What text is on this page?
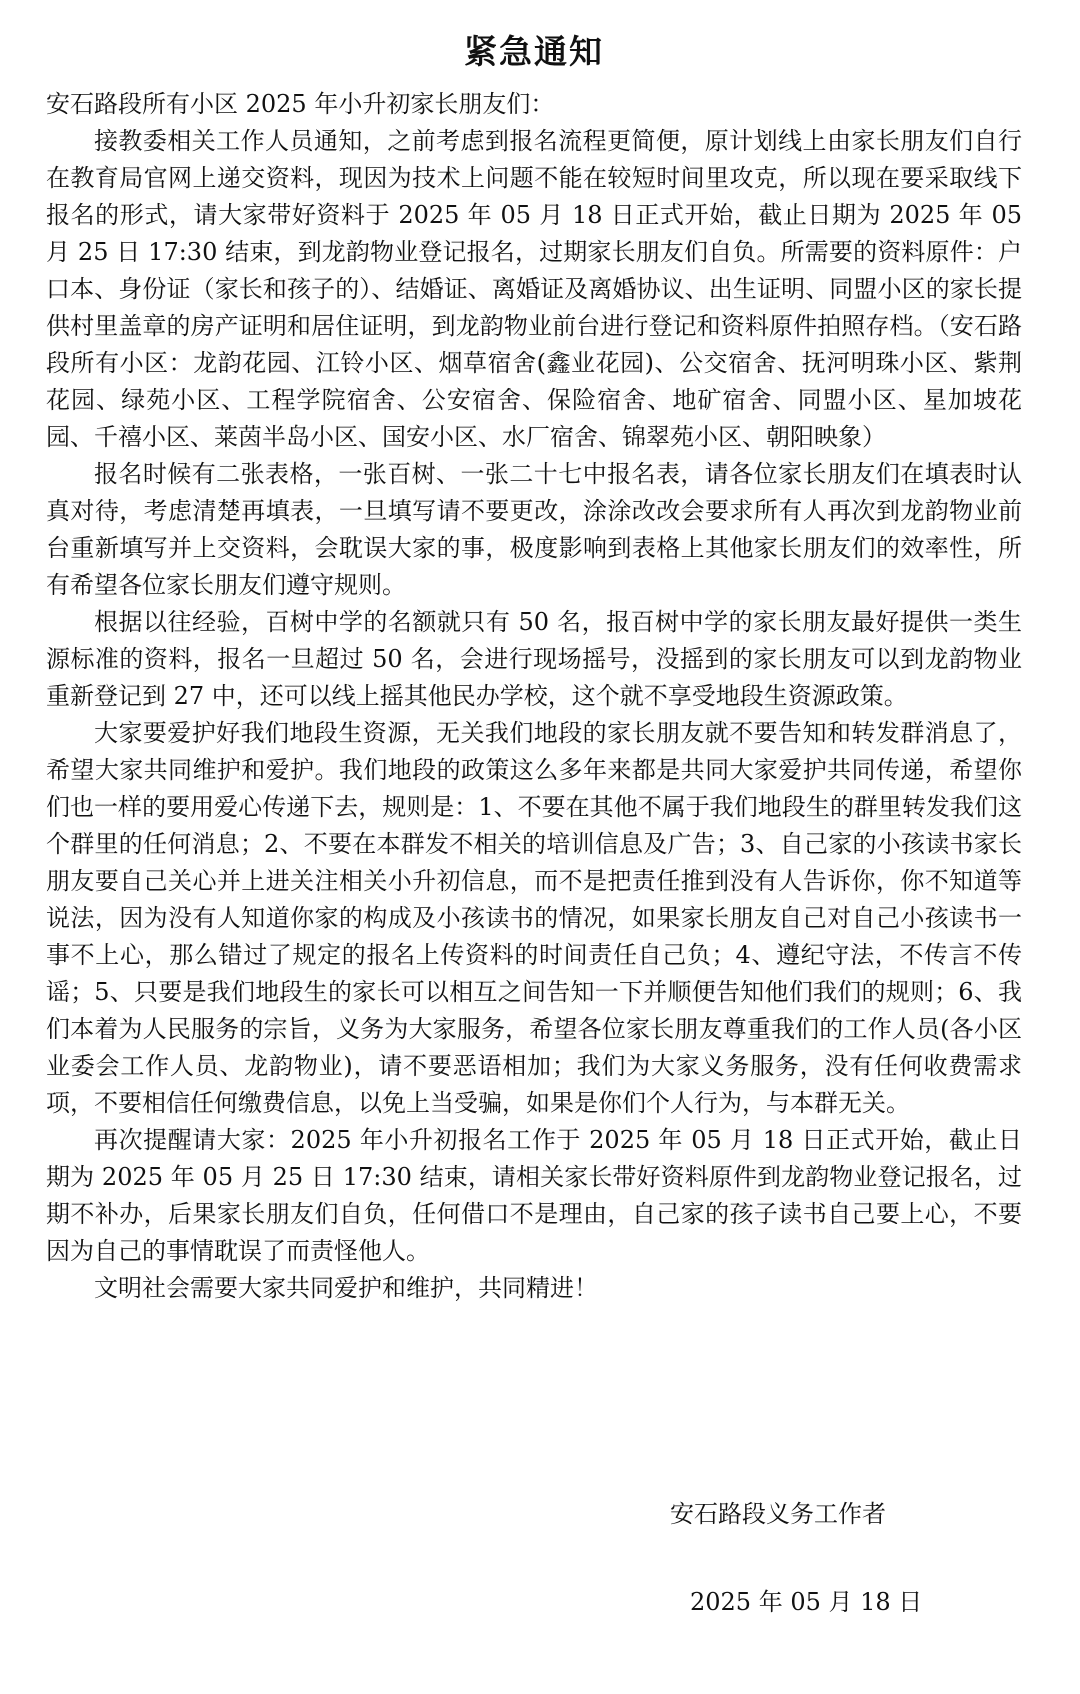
紧急通知

安石路段所有小区 2025 年小升初家长朋友们：

接教委相关工作人员通知，之前考虑到报名流程更简便，原计划线上由家长朋友们自行在教育局官网上递交资料，现因为技术上问题不能在较短时间里攻克，所以现在要采取线下报名的形式，请大家带好资料于 2025 年 05 月 18 日正式开始，截止日期为 2025 年 05 月 25 日 17:30 结束，到龙韵物业登记报名，过期家长朋友们自负。所需要的资料原件：户口本、身份证（家长和孩子的）、结婚证、离婚证及离婚协议、出生证明、同盟小区的家长提供村里盖章的房产证明和居住证明，到龙韵物业前台进行登记和资料原件拍照存档。（安石路段所有小区：龙韵花园、江铃小区、烟草宿舍(鑫业花园)、公交宿舍、抚河明珠小区、紫荆花园、绿苑小区、工程学院宿舍、公安宿舍、保险宿舍、地矿宿舍、同盟小区、星加坡花园、千禧小区、莱茵半岛小区、国安小区、水厂宿舍、锦翠苑小区、朝阳映象）

报名时候有二张表格，一张百树、一张二十七中报名表，请各位家长朋友们在填表时认真对待，考虑清楚再填表，一旦填写请不要更改，涂涂改改会要求所有人再次到龙韵物业前台重新填写并上交资料，会耽误大家的事，极度影响到表格上其他家长朋友们的效率性，所有希望各位家长朋友们遵守规则。

根据以往经验，百树中学的名额就只有 50 名，报百树中学的家长朋友最好提供一类生源标准的资料，报名一旦超过 50 名，会进行现场摇号，没摇到的家长朋友可以到龙韵物业重新登记到 27 中，还可以线上摇其他民办学校，这个就不享受地段生资源政策。

大家要爱护好我们地段生资源，无关我们地段的家长朋友就不要告知和转发群消息了，希望大家共同维护和爱护。我们地段的政策这么多年来都是共同大家爱护共同传递，希望你们也一样的要用爱心传递下去，规则是：1、不要在其他不属于我们地段生的群里转发我们这个群里的任何消息；2、不要在本群发不相关的培训信息及广告；3、自己家的小孩读书家长朋友要自己关心并上进关注相关小升初信息，而不是把责任推到没有人告诉你，你不知道等说法，因为没有人知道你家的构成及小孩读书的情况，如果家长朋友自己对自己小孩读书一事不上心，那么错过了规定的报名上传资料的时间责任自己负；4、遵纪守法，不传言不传谣；5、只要是我们地段生的家长可以相互之间告知一下并顺便告知他们我们的规则；6、我们本着为人民服务的宗旨，义务为大家服务，希望各位家长朋友尊重我们的工作人员(各小区业委会工作人员、龙韵物业)，请不要恶语相加；我们为大家义务服务，没有任何收费需求项，不要相信任何缴费信息，以免上当受骗，如果是你们个人行为，与本群无关。

再次提醒请大家：2025 年小升初报名工作于 2025 年 05 月 18 日正式开始，截止日期为 2025 年 05 月 25 日 17:30 结束，请相关家长带好资料原件到龙韵物业登记报名，过期不补办，后果家长朋友们自负，任何借口不是理由，自己家的孩子读书自己要上心，不要因为自己的事情耽误了而责怪他人。

文明社会需要大家共同爱护和维护，共同精进！

安石路段义务工作者
2025 年 05 月 18 日
